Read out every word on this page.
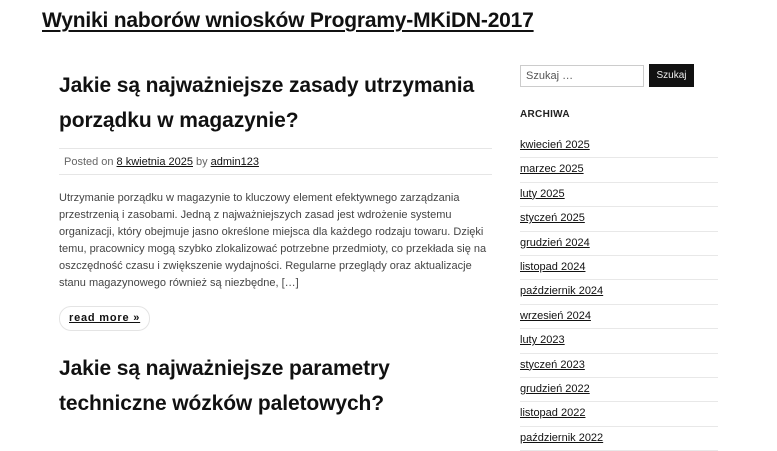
Wyniki naborów wniosków Programy-MKiDN-2017
Jakie są najważniejsze zasady utrzymania porządku w magazynie?
Posted on 8 kwietnia 2025 by admin123
Utrzymanie porządku w magazynie to kluczowy element efektywnego zarządzania przestrzenią i zasobami. Jedną z najważniejszych zasad jest wdrożenie systemu organizacji, który obejmuje jasno określone miejsca dla każdego rodzaju towaru. Dzięki temu, pracownicy mogą szybko zlokalizować potrzebne przedmioty, co przekłada się na oszczędność czasu i zwiększenie wydajności. Regularne przeglądy oraz aktualizacje stanu magazynowego również są niezbędne, […]
read more »
Jakie są najważniejsze parametry techniczne wózków paletowych?
Szukaj …
Szukaj
ARCHIWA
kwiecień 2025
marzec 2025
luty 2025
styczeń 2025
grudzień 2024
listopad 2024
październik 2024
wrzesień 2024
luty 2023
styczeń 2023
grudzień 2022
listopad 2022
październik 2022
